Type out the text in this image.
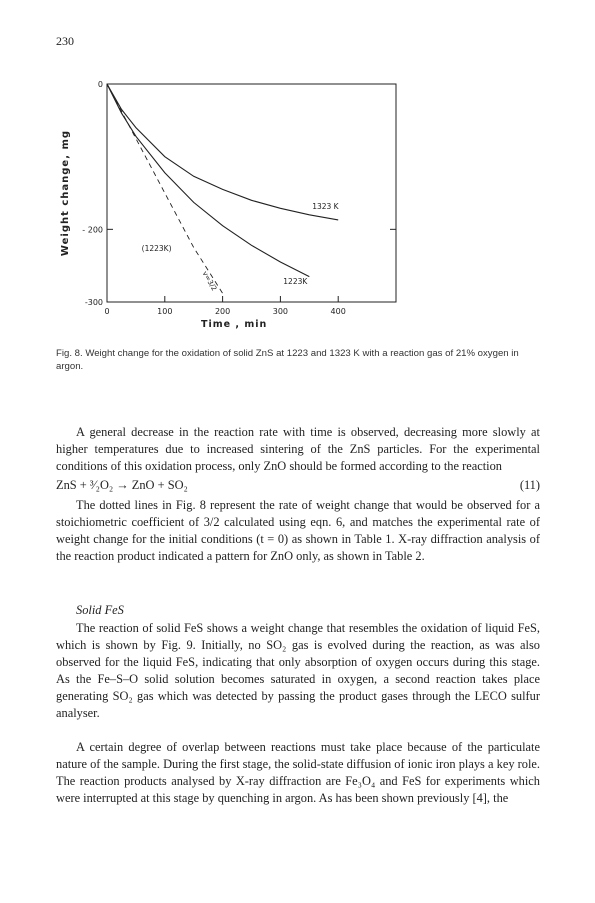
230
0	100	200	300	400
0
- 200
-300
Time , min
Weight change, mg	1323 K
1223K
(1223K)
v=3/2
Fig. 8. Weight change for the oxidation of solid ZnS at 1223 and 1323 K with a reaction gas of 21% oxygen in argon.

A general decrease in the reaction rate with time is observed, decreasing more slowly at higher temperatures due to increased sintering of the ZnS particles. For the experimental conditions of this oxidation process, only ZnO should be formed according to the reaction

ZnS + ³⁄₂O₂ → ZnO + SO₂	(11)

The dotted lines in Fig. 8 represent the rate of weight change that would be observed for a stoichiometric coefficient of 3/2 calculated using eqn. 6, and matches the experimental rate of weight change for the initial conditions (t = 0) as shown in Table 1. X-ray diffraction analysis of the reaction product indicated a pattern for ZnO only, as shown in Table 2.

Solid FeS

The reaction of solid FeS shows a weight change that resembles the oxidation of liquid FeS, which is shown by Fig. 9. Initially, no SO₂ gas is evolved during the reaction, as was also observed for the liquid FeS, indicating that only absorption of oxygen occurs during this stage. As the Fe–S–O solid solution becomes saturated in oxygen, a second reaction takes place generating SO₂ gas which was detected by passing the product gases through the LECO sulfur analyser.

A certain degree of overlap between reactions must take place because of the particulate nature of the sample. During the first stage, the solid-state diffusion of ionic iron plays a key role. The reaction products analysed by X-ray diffraction are Fe₃O₄ and FeS for experiments which were interrupted at this stage by quenching in argon. As has been shown previously [4], the
